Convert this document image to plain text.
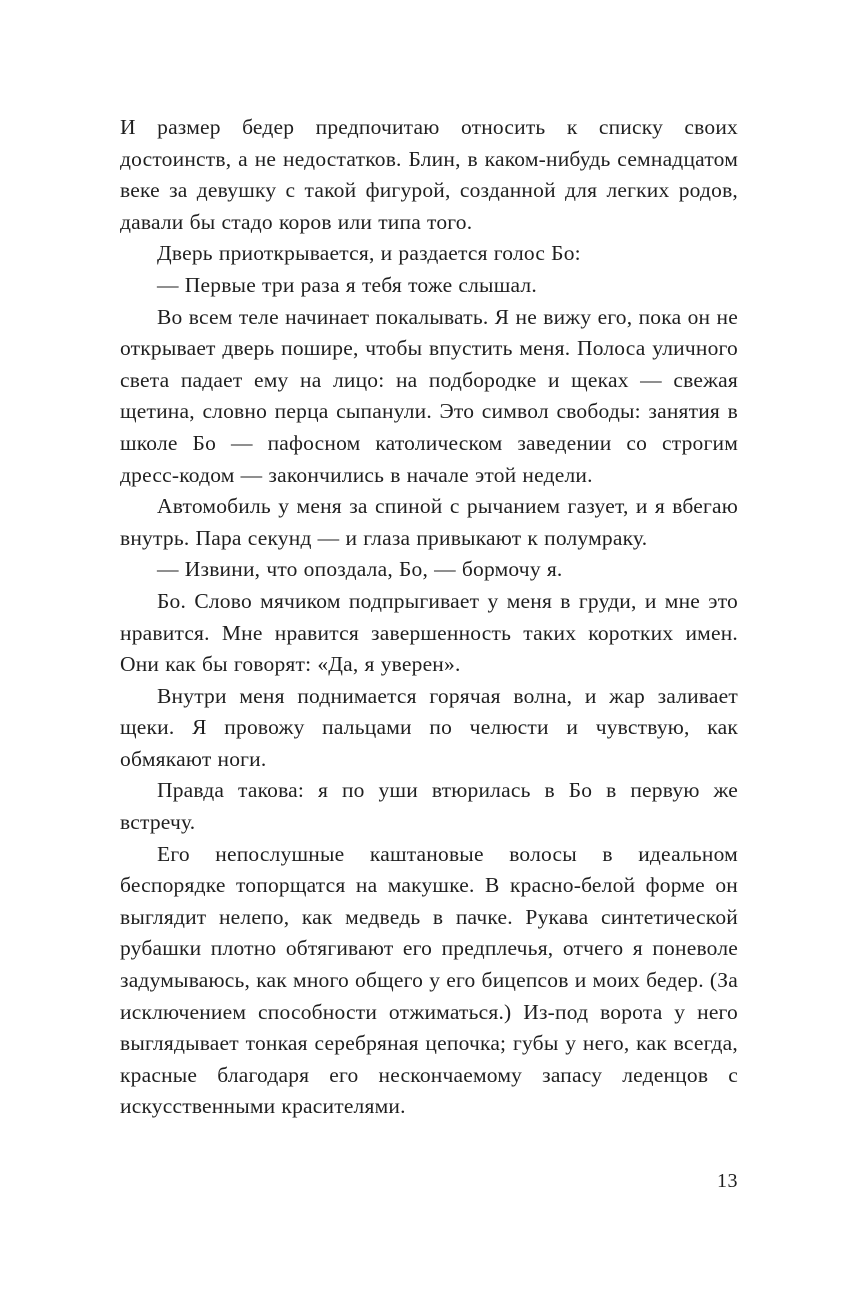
И размер бедер предпочитаю относить к списку своих достоинств, а не недостатков. Блин, в каком-нибудь семнадцатом веке за девушку с такой фигурой, созданной для легких родов, давали бы стадо коров или типа того.

Дверь приоткрывается, и раздается голос Бо:

— Первые три раза я тебя тоже слышал.

Во всем теле начинает покалывать. Я не вижу его, пока он не открывает дверь пошире, чтобы впустить меня. Полоса уличного света падает ему на лицо: на подбородке и щеках — свежая щетина, словно перца сыпанули. Это символ свободы: занятия в школе Бо — пафосном католическом заведении со строгим дресс-кодом — закончились в начале этой недели.

Автомобиль у меня за спиной с рычанием газует, и я вбегаю внутрь. Пара секунд — и глаза привыкают к полумраку.

— Извини, что опоздала, Бо, — бормочу я.

Бо. Слово мячиком подпрыгивает у меня в груди, и мне это нравится. Мне нравится завершенность таких коротких имен. Они как бы говорят: «Да, я уверен».

Внутри меня поднимается горячая волна, и жар заливает щеки. Я провожу пальцами по челюсти и чувствую, как обмякают ноги.

Правда такова: я по уши втюрилась в Бо в первую же встречу.

Его непослушные каштановые волосы в идеальном беспорядке топорщатся на макушке. В красно-белой форме он выглядит нелепо, как медведь в пачке. Рукава синтетической рубашки плотно обтягивают его предплечья, отчего я поневоле задумываюсь, как много общего у его бицепсов и моих бедер. (За исключением способности отжиматься.) Из-под ворота у него выглядывает тонкая серебряная цепочка; губы у него, как всегда, красные благодаря его нескончаемому запасу леденцов с искусственными красителями.

13
